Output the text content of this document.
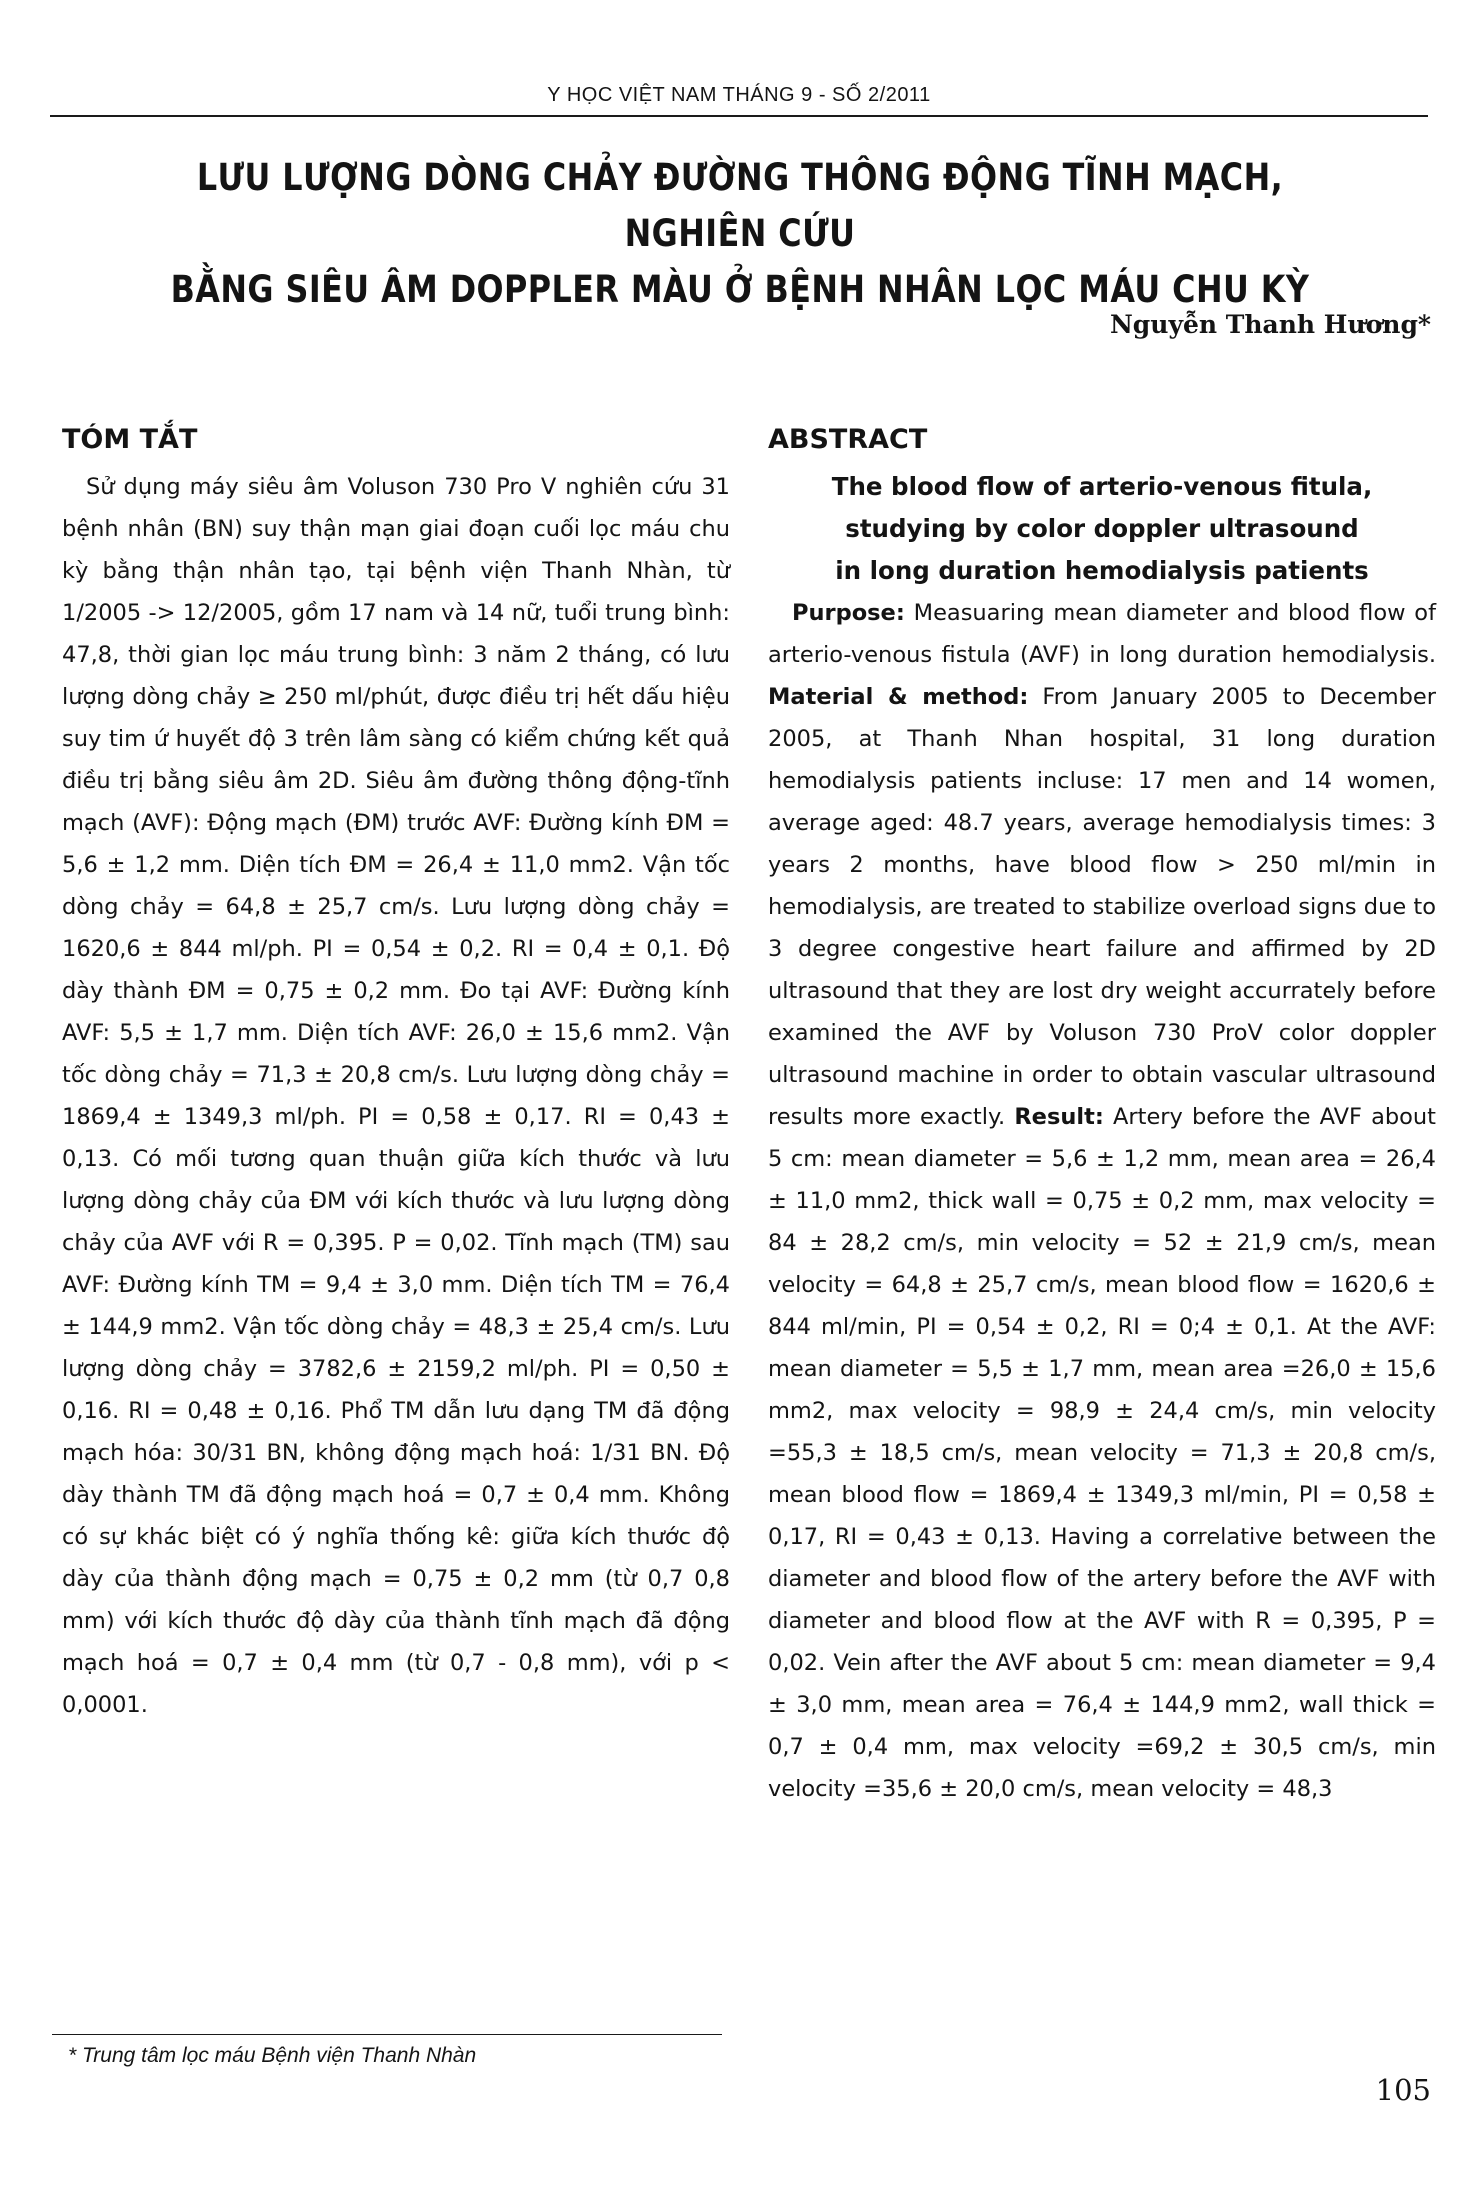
Y HỌC VIỆT NAM THÁNG 9 - SỐ 2/2011
LƯU LƯỢNG DÒNG CHẢY ĐƯỜNG THÔNG ĐỘNG TĨNH MẠCH, NGHIÊN CỨU
BẰNG SIÊU ÂM DOPPLER MÀU Ở BỆNH NHÂN LỌC MÁU CHU KỲ
Nguyễn Thanh Hương*
TÓM TẮT

Sử dụng máy siêu âm Voluson 730 Pro V nghiên cứu 31 bệnh nhân (BN) suy thận mạn giai đoạn cuối lọc máu chu kỳ bằng thận nhân tạo, tại bệnh viện Thanh Nhàn, từ 1/2005 -> 12/2005, gồm 17 nam và 14 nữ, tuổi trung bình: 47,8, thời gian lọc máu trung bình: 3 năm 2 tháng, có lưu lượng dòng chảy ≥ 250 ml/phút, được điều trị hết dấu hiệu suy tim ứ huyết độ 3 trên lâm sàng có kiểm chứng kết quả điều trị bằng siêu âm 2D. Siêu âm đường thông động-tĩnh mạch (AVF): Động mạch (ĐM) trước AVF: Đường kính ĐM = 5,6 ± 1,2 mm. Diện tích ĐM = 26,4 ± 11,0 mm2. Vận tốc dòng chảy = 64,8 ± 25,7 cm/s. Lưu lượng dòng chảy = 1620,6 ± 844 ml/ph. PI = 0,54 ± 0,2. RI = 0,4 ± 0,1. Độ dày thành ĐM = 0,75 ± 0,2 mm. Đo tại AVF: Đường kính AVF: 5,5 ± 1,7 mm. Diện tích AVF: 26,0 ± 15,6 mm2. Vận tốc dòng chảy = 71,3 ± 20,8 cm/s. Lưu lượng dòng chảy = 1869,4 ± 1349,3 ml/ph. PI = 0,58 ± 0,17. RI = 0,43 ± 0,13. Có mối tương quan thuận giữa kích thước và lưu lượng dòng chảy của ĐM với kích thước và lưu lượng dòng chảy của AVF với R = 0,395. P = 0,02. Tĩnh mạch (TM) sau AVF: Đường kính TM = 9,4 ± 3,0 mm. Diện tích TM = 76,4 ± 144,9 mm2. Vận tốc dòng chảy = 48,3 ± 25,4 cm/s. Lưu lượng dòng chảy = 3782,6 ± 2159,2 ml/ph. PI = 0,50 ± 0,16. RI = 0,48 ± 0,16. Phổ TM dẫn lưu dạng TM đã động mạch hóa: 30/31 BN, không động mạch hoá: 1/31 BN. Độ dày thành TM đã động mạch hoá = 0,7 ± 0,4 mm. Không có sự khác biệt có ý nghĩa thống kê: giữa kích thước độ dày của thành động mạch = 0,75 ± 0,2 mm (từ 0,7 0,8 mm) với kích thước độ dày của thành tĩnh mạch đã động mạch hoá = 0,7 ± 0,4 mm (từ 0,7 - 0,8 mm), với p < 0,0001.

ABSTRACT

The blood flow of arterio-venous fitula,

studying by color doppler ultrasound

in long duration hemodialysis patients

Purpose: Measuaring mean diameter and blood flow of arterio-venous fistula (AVF) in long duration hemodialysis. Material & method: From January 2005 to December 2005, at Thanh Nhan hospital, 31 long duration hemodialysis patients incluse: 17 men and 14 women, average aged: 48.7 years, average hemodialysis times: 3 years 2 months, have blood flow > 250 ml/min in hemodialysis, are treated to stabilize overload signs due to 3 degree congestive heart failure and affirmed by 2D ultrasound that they are lost dry weight accurrately before examined the AVF by Voluson 730 ProV color doppler ultrasound machine in order to obtain vascular ultrasound results more exactly. Result: Artery before the AVF about 5 cm: mean diameter = 5,6 ± 1,2 mm, mean area = 26,4 ± 11,0 mm2, thick wall = 0,75 ± 0,2 mm, max velocity = 84 ± 28,2 cm/s, min velocity = 52 ± 21,9 cm/s, mean velocity = 64,8 ± 25,7 cm/s, mean blood flow = 1620,6 ± 844 ml/min, PI = 0,54 ± 0,2, RI = 0;4 ± 0,1. At the AVF: mean diameter = 5,5 ± 1,7 mm, mean area =26,0 ± 15,6 mm2, max velocity = 98,9 ± 24,4 cm/s, min velocity =55,3 ± 18,5 cm/s, mean velocity = 71,3 ± 20,8 cm/s, mean blood flow = 1869,4 ± 1349,3 ml/min, PI = 0,58 ± 0,17, RI = 0,43 ± 0,13. Having a correlative between the diameter and blood flow of the artery before the AVF with diameter and blood flow at the AVF with R = 0,395, P = 0,02. Vein after the AVF about 5 cm: mean diameter = 9,4 ± 3,0 mm, mean area = 76,4 ± 144,9 mm2, wall thick = 0,7 ± 0,4 mm, max velocity =69,2 ± 30,5 cm/s, min velocity =35,6 ± 20,0 cm/s, mean velocity = 48,3

* Trung tâm lọc máu Bệnh viện Thanh Nhàn
105
